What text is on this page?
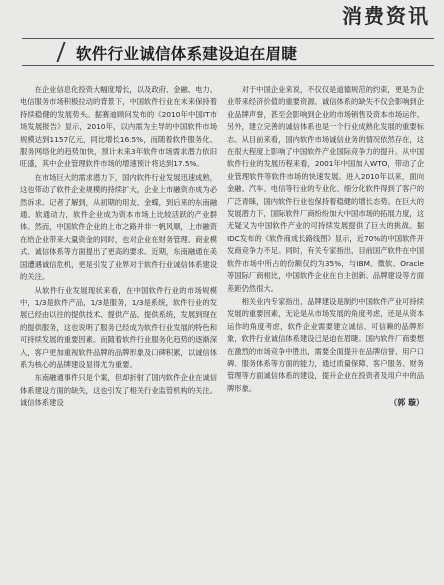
消费资讯
软件行业诚信体系建设迫在眉睫

在企业信息化投资大幅度增长，以及政府、金融、电力、电信服务市场积极拉动的背景下，中国软件行业在未来保持着持续稳健的发展势头。据赛迪顾问发布的《2010年中国IT市场发展报告》显示，2010年，以内需为主导的中国软件市场规模达到1157亿元，同比增长16.5%，而随着软件服务化、服务网络化的趋势加快，预计未来3年软件市场需求潜力依旧旺盛，其中企业管理软件市场的增速预计将达到17.5%。

在市场巨大的需求潜力下，国内软件行业发展迅速成熟，这也带动了软件企业规模的持续扩大，企业上市融资亦成为必然诉求。记者了解到，从初期的用友、金蝶，到后来的东南融通、软通动力，软件企业成为资本市场上比较活跃的产业群体。然而，中国软件企业的上市之路并非一帆风顺，上市融资在给企业带来大量资金的同时，也对企业在财务管理、商业模式、诚信体系等方面提出了更高的要求。近期，东南融通在美国遭遇诚信危机，更是引发了业界对于软件行业诚信体系建设的关注。

从软件行业发展现状来看，在中国软件行业的市场规模中，1/3是软件产品，1/3是服务，1/3是系统，软件行业的发展已经由以往的提供技术、提供产品、提供系统，发展到现在的提供服务，这也说明了服务已经成为软件行业发展的特色和可持续发展的重要因素。而随着软件行业服务化趋势的逐渐深入，客户更加重视软件品牌的品牌形象及口碑积累，以诚信体系为核心的品牌建设显得尤为重要。

东南融通事件只是个案，但却折射了国内软件企业在诚信体系建设方面的缺失，这也引发了相关行业监管机构的关注。诚信体系建设

对于中国企业来说，不仅仅是道德规范的约束，更是为企业带来经济价值的重要资源。诚信体系的缺失不仅会影响到企业品牌声誉，甚至会影响到企业的市场销售及资本市场运作。另外，建立完善的诚信体系也是一个行业成熟化发展的重要标志。从目前来看，国内软件市场诚信业务的情况依然存在，这在很大程度上影响了中国软件产业国际竞争力的提升。从中国软件行业的发展历程来看，2001年中国加入WTO，带动了企业管理软件等软件市场的快速发展。进入2010年以来，面向金融、汽车、电信等行业的专业化、细分化软件得到了客户的广泛青睐，国内软件行业也保持着稳健的增长态势。在巨大的发展潜力下，国际软件厂商纷纷加大中国市场的拓展力度，这无疑又为中国软件产业的可持续发展提供了巨大的挑战。据IDC发布的《软件商成长路线图》显示，近70%的中国软件开发商竞争力不足。同时，有关专家指出，目前国产软件在中国软件市场中所占的份额仅约为35%，与IBM、微软、Oracle等国际厂商相比，中国软件企业在自主创新、品牌建设等方面差距仍然很大。

相关业内专家指出，品牌建设是制约中国软件产业可持续发展的重要因素，无论是从市场发展的角度考虑，还是从资本运作的角度考虑，软件企业需要建立诚信、可信赖的品牌形象，软件行业诚信体系建设已是迫在眉睫。国内软件厂商要想在激烈的市场竞争中胜出，需要全面提升在品牌信誉、用户口碑、服务体系等方面的能力，通过质量保障、客户服务、财务管理等方面诚信体系的建设，提升企业在投资者及用户中的品牌形象。

（郭 璇）
